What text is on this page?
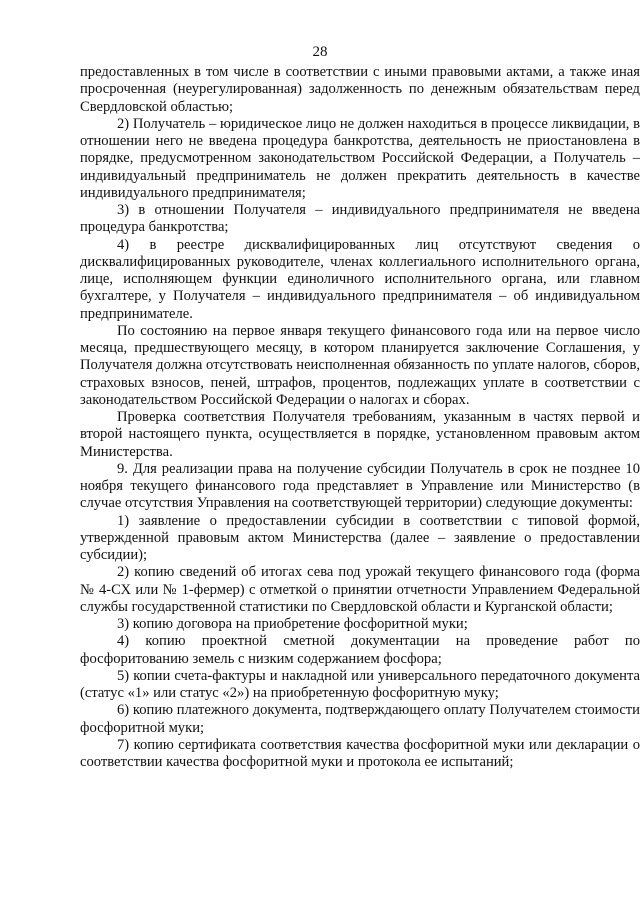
28

предоставленных в том числе в соответствии с иными правовыми актами, а также иная просроченная (неурегулированная) задолженность по денежным обязательствам перед Свердловской областью;

2) Получатель – юридическое лицо не должен находиться в процессе ликвидации, в отношении него не введена процедура банкротства, деятельность не приостановлена в порядке, предусмотренном законодательством Российской Федерации, а Получатель – индивидуальный предприниматель не должен прекратить деятельность в качестве индивидуального предпринимателя;

3) в отношении Получателя – индивидуального предпринимателя не введена процедура банкротства;

4) в реестре дисквалифицированных лиц отсутствуют сведения о дисквалифицированных руководителе, членах коллегиального исполнительного органа, лице, исполняющем функции единоличного исполнительного органа, или главном бухгалтере, у Получателя – индивидуального предпринимателя – об индивидуальном предпринимателе.

По состоянию на первое января текущего финансового года или на первое число месяца, предшествующего месяцу, в котором планируется заключение Соглашения, у Получателя должна отсутствовать неисполненная обязанность по уплате налогов, сборов, страховых взносов, пеней, штрафов, процентов, подлежащих уплате в соответствии с законодательством Российской Федерации о налогах и сборах.

Проверка соответствия Получателя требованиям, указанным в частях первой и второй настоящего пункта, осуществляется в порядке, установленном правовым актом Министерства.

9. Для реализации права на получение субсидии Получатель в срок не позднее 10 ноября текущего финансового года представляет в Управление или Министерство (в случае отсутствия Управления на соответствующей территории) следующие документы:

1) заявление о предоставлении субсидии в соответствии с типовой формой, утвержденной правовым актом Министерства (далее – заявление о предоставлении субсидии);

2) копию сведений об итогах сева под урожай текущего финансового года (форма № 4-СХ или № 1-фермер) с отметкой о принятии отчетности Управлением Федеральной службы государственной статистики по Свердловской области и Курганской области;

3) копию договора на приобретение фосфоритной муки;

4) копию проектной сметной документации на проведение работ по фосфоритованию земель с низким содержанием фосфора;

5) копии счета-фактуры и накладной или универсального передаточного документа (статус «1» или статус «2») на приобретенную фосфоритную муку;

6) копию платежного документа, подтверждающего оплату Получателем стоимости фосфоритной муки;

7) копию сертификата соответствия качества фосфоритной муки или декларации о соответствии качества фосфоритной муки и протокола ее испытаний;
